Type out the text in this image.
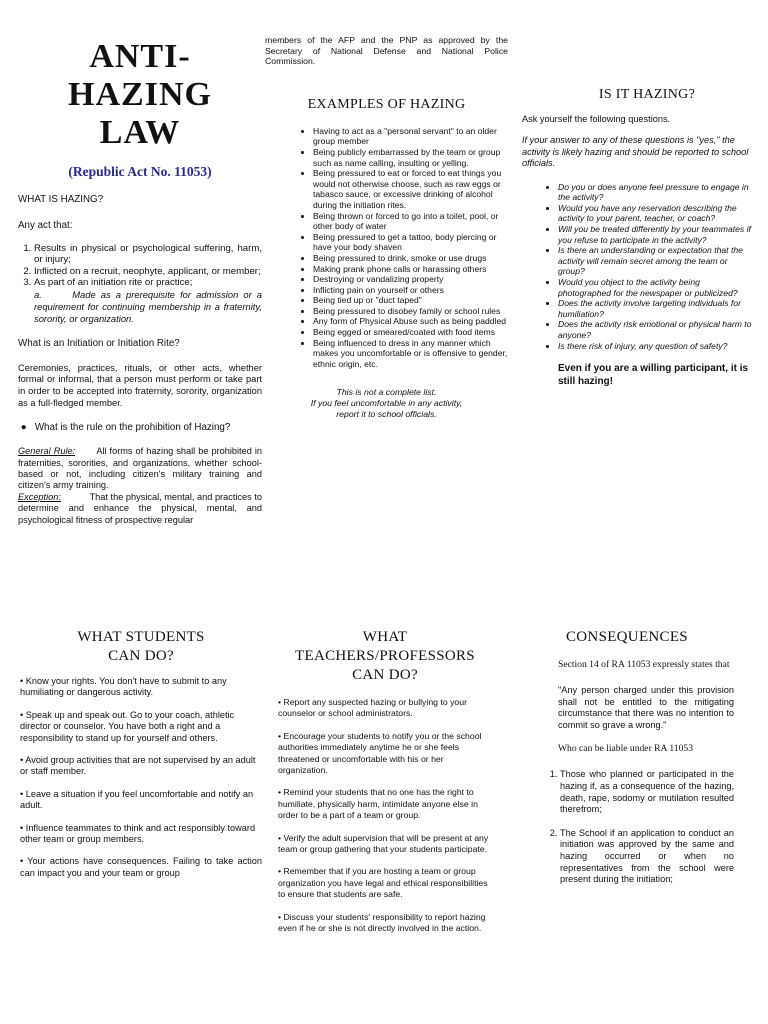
ANTI-
HAZING
LAW
(Republic Act No. 11053)

WHAT IS HAZING?

Any act that:

1. Results in physical or psychological suffering, harm, or injury;
2. Inflicted on a recruit, neophyte, applicant, or member;
3. As part of an initiation rite or practice;

a.	Made as a prerequisite for admission or a requirement for continuing membership in a fraternity, sorority, or organization.

What is an Initiation or Initiation Rite?

Ceremonies, practices, rituals, or other acts, whether formal or informal, that a person must perform or take part in order to be accepted into fraternity, sorority, organization as a full-fledged member.

●   What is the rule on the prohibition of Hazing?

General Rule: All forms of hazing shall be prohibited in fraternities, sororities, and organizations, whether school-based or not, including citizen's military training and citizen's army training.

Exception:	That the physical, mental, and practices to determine and enhance the physical, mental, and psychological fitness of prospective regular

members of the AFP and the PNP as approved by the Secretary of National Defense and National Police Commission.

EXAMPLES OF HAZING
• Having to act as a "personal servant" to an older group member
• Being publicly embarrassed by the team or group such as name calling, insulting or yelling.
• Being pressured to eat or forced to eat things you would not otherwise choose, such as raw eggs or tabasco sauce, or excessive drinking of alcohol during the initiation rites.
• Being thrown or forced to go into a toilet, pool, or other body of water
• Being pressured to get a tattoo, body piercing or have your body shaven
• Being pressured to drink, smoke or use drugs
• Making prank phone calls or harassing others
• Destroying or vandalizing property
• Inflicting pain on yourself or others
• Being tied up or "duct taped"
• Being pressured to disobey family or school rules
• Any form of Physical Abuse such as being paddled
• Being egged or smeared/coated with food items
• Being influenced to dress in any manner which makes you uncomfortable or is offensive to gender, ethnic origin, etc.
This is not a complete list.
If you feel uncomfortable in any activity,
report it to school officials.
IS IT HAZING?

Ask yourself the following questions.

If your answer to any of these questions is "yes," the activity is likely hazing and should be reported to school officials.

• Do you or does anyone feel pressure to engage in the activity?
• Would you have any reservation describing the activity to your parent, teacher, or coach?
• Will you be treated differently by your teammates if you refuse to participate in the activity?
• Is there an understanding or expectation that the activity will remain secret among the team or group?
• Would you object to the activity being photographed for the newspaper or publicized?
• Does the activity involve targeting individuals for humiliation?
• Does the activity risk emotional or physical harm to anyone?
• Is there risk of injury, any question of safety?

Even if you are a willing participant, it is still hazing!

WHAT STUDENTS CAN DO?

• Know your rights. You don't have to submit to any humiliating or dangerous activity.

• Speak up and speak out. Go to your coach, athletic director or counselor. You have both a right and a responsibility to stand up for yourself and others.

• Avoid group activities that are not supervised by an adult or staff member.

• Leave a situation if you feel uncomfortable and notify an adult.

• Influence teammates to think and act responsibly toward other team or group members.

• Your actions have consequences. Failing to take action can impact you and your team or group

WHAT TEACHERS/PROFESSORS CAN DO?

• Report any suspected hazing or bullying to your counselor or school administrators.

• Encourage your students to notify you or the school authorities immediately anytime he or she feels threatened or uncomfortable with his or her organization.

• Remind your students that no one has the right to humiliate, physically harm, intimidate anyone else in order to be a part of a team or group.

• Verify the adult supervision that will be present at any team or group gathering that your students participate.

• Remember that if you are hosting a team or group organization you have legal and ethical responsibilities to ensure that students are safe.

• Discuss your students' responsibility to report hazing even if he or she is not directly involved in the action.

CONSEQUENCES

Section 14 of RA 11053 expressly states that

"Any person charged under this provision shall not be entitled to the mitigating circumstance that there was no intention to commit so grave a wrong."

Who can be liable under RA 11053

1. Those who planned or participated in the hazing if, as a consequence of the hazing, death, rape, sodomy or mutilation resulted therefrom;
2. The School if an application to conduct an initiation was approved by the same and hazing occurred or when no representatives from the school were present during the initiation;
